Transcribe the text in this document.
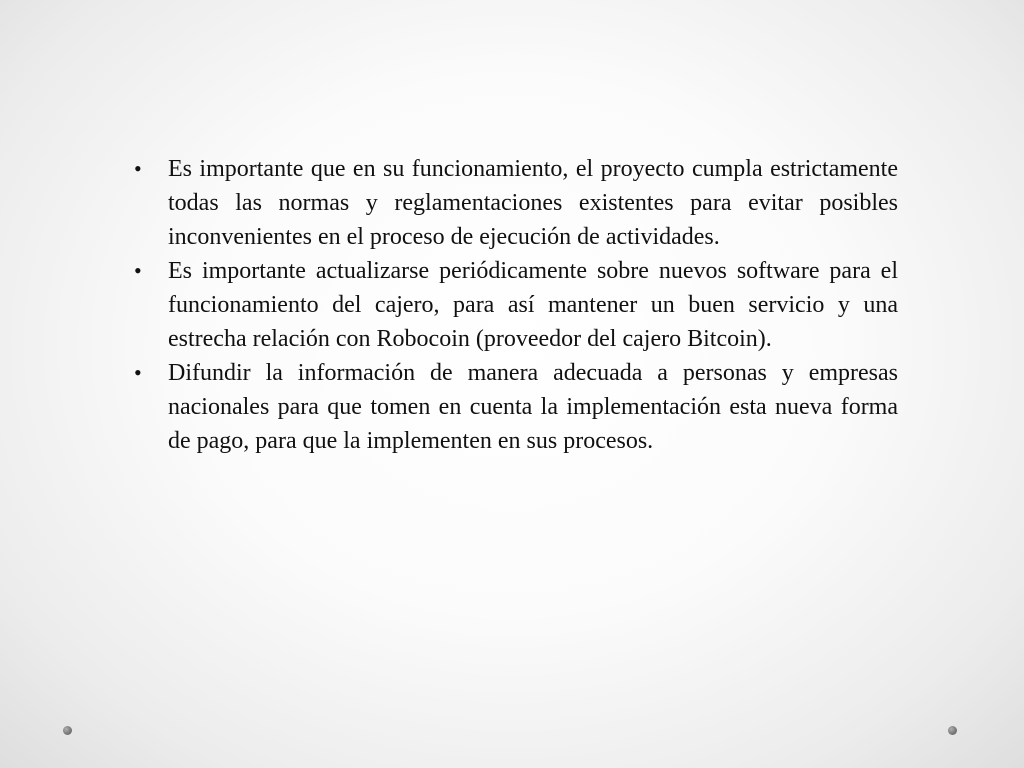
•	Es importante que en su funcionamiento, el proyecto cumpla estrictamente todas las normas y reglamentaciones existentes para evitar posibles inconvenientes en el proceso de ejecución de actividades.
•	Es importante actualizarse periódicamente sobre nuevos software para el funcionamiento del cajero, para así mantener un buen servicio y una estrecha relación con Robocoin (proveedor del cajero Bitcoin).
•	Difundir la información de manera adecuada a personas y empresas nacionales para que tomen en cuenta la implementación esta nueva forma de pago, para que la implementen en sus procesos.
